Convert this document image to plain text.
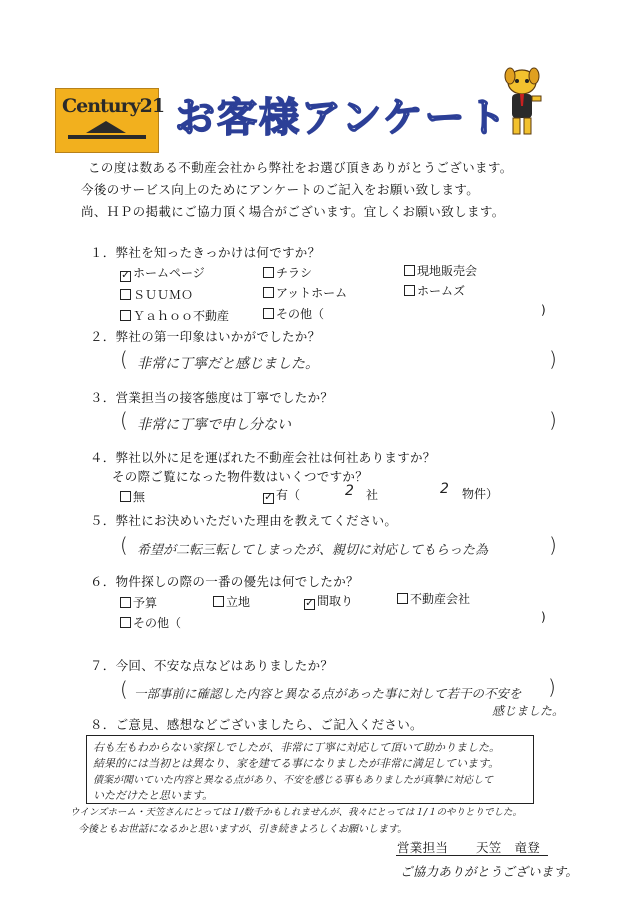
Century21 お客様アンケート
この度は数ある不動産会社から弊社をお選び頂きありがとうございます。
今後のサービス向上のためにアンケートのご記入をお願い致します。
尚、ＨＰの掲載にご協力頂く場合がございます。宜しくお願い致します。
１．弊社を知ったきっかけは何ですか？
✓ ホームページ	チラシ	現地販売会
ＳＵＵＭＯ	アットホーム	ホームズ
Ｙａｈｏｏ不動産	その他（	)
２．弊社の第一印象はいかがでしたか？
( 非常に丁寧だと感じました。	)
３．営業担当の接客態度は丁寧でしたか？
( 非常に丁寧で申し分ない	)
４．弊社以外に足を運ばれた不動産会社は何社ありますか？
その際ご覧になった物件数はいくつですか？
無	✓ 有（	2 社	2 物件）
５．弊社にお決めいただいた理由を教えてください。
( 希望が二転三転してしまったが、親切に対応してもらった為	)
６．物件探しの際の一番の優先は何でしたか？
予算	立地	✓ 間取り	不動産会社
その他（	)
７．今回、不安な点などはありましたか？
( 一部事前に確認した内容と異なる点があった事に対して若干の不安を )
感じました。
８．ご意見、感想などございましたら、ご記入ください。
右も左もわからない家探しでしたが、非常に丁寧に対応して頂いて助かりました。
結果的には当初とは異なり、家を建てる事になりましたが非常に満足しています。
債案が聞いていた内容と異なる点があり、不安を感じる事もありましたが真摯に対応して
いただけたと思います。
ウインズホーム・天笠さんにとっては１/数千かもしれませんが、我々にとっては１/１のやりとりでした。
今後ともお世話になるかと思いますが、引き続きよろしくお願いします。
営業担当 天笠　竜登
ご協力ありがとうございます。
